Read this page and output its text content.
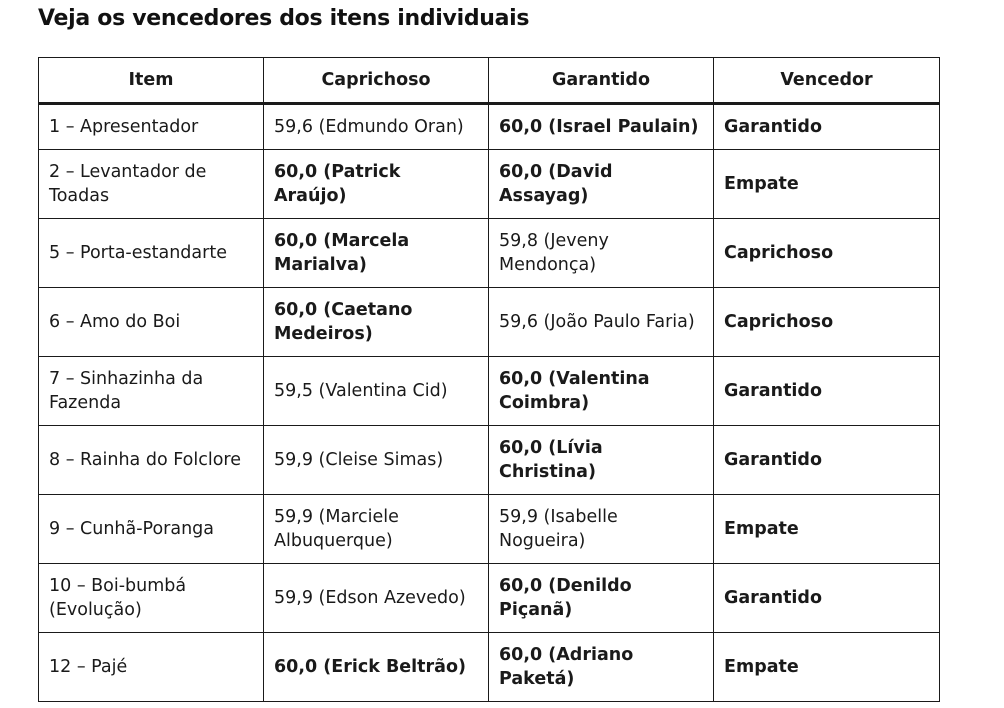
Veja os vencedores dos itens individuais
Item	Caprichoso	Garantido	Vencedor
1 – Apresentador	59,6 (Edmundo Oran)	60,0 (Israel Paulain)	Garantido
2 – Levantador de Toadas	60,0 (Patrick Araújo)	60,0 (David Assayag)	Empate
5 – Porta-estandarte	60,0 (Marcela Marialva)	59,8 (Jeveny Mendonça)	Caprichoso
6 – Amo do Boi	60,0 (Caetano Medeiros)	59,6 (João Paulo Faria)	Caprichoso
7 – Sinhazinha da Fazenda	59,5 (Valentina Cid)	60,0 (Valentina Coimbra)	Garantido
8 – Rainha do Folclore	59,9 (Cleise Simas)	60,0 (Lívia Christina)	Garantido
9 – Cunhã-Poranga	59,9 (Marciele Albuquerque)	59,9 (Isabelle Nogueira)	Empate
10 – Boi-bumbá (Evolução)	59,9 (Edson Azevedo)	60,0 (Denildo Piçanã)	Garantido
12 – Pajé	60,0 (Erick Beltrão)	60,0 (Adriano Paketá)	Empate
